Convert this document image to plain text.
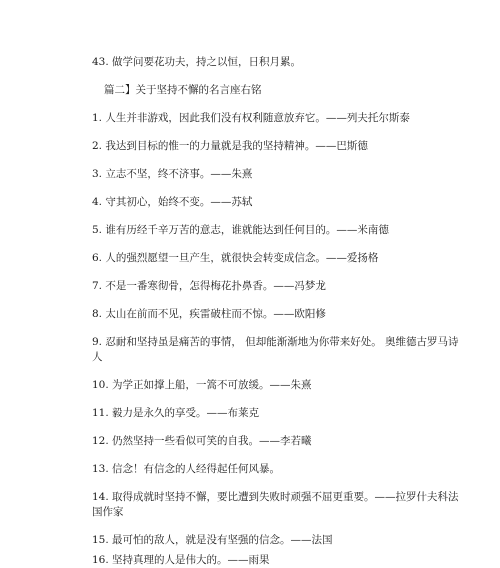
43. 做学问要花功夫，持之以恒，日积月累。
篇二】关于坚持不懈的名言座右铭
1. 人生并非游戏，因此我们没有权利随意放弃它。——列夫托尔斯泰
2. 我达到目标的惟一的力量就是我的坚持精神。——巴斯德
3. 立志不坚，终不济事。——朱熹
4. 守其初心，始终不变。——苏轼
5. 谁有历经千辛万苦的意志，谁就能达到任何目的。——米南德
6. 人的强烈愿望一旦产生，就很快会转变成信念。——爱扬格
7. 不是一番寒彻骨，怎得梅花扑鼻香。——冯梦龙
8. 太山在前而不见，疾雷破柱而不惊。——欧阳修
9. 忍耐和坚持虽是痛苦的事情， 但却能渐渐地为你带来好处。 奥维德古罗马诗人
10. 为学正如撑上船，一篙不可放缓。——朱熹
11. 毅力是永久的享受。——布莱克
12. 仍然坚持一些看似可笑的自我。——李若曦
13. 信念！有信念的人经得起任何风暴。
14. 取得成就时坚持不懈，要比遭到失败时顽强不屈更重要。——拉罗什夫科法国作家
15. 最可怕的敌人，就是没有坚强的信念。——法国
16. 坚持真理的人是伟大的。——雨果
